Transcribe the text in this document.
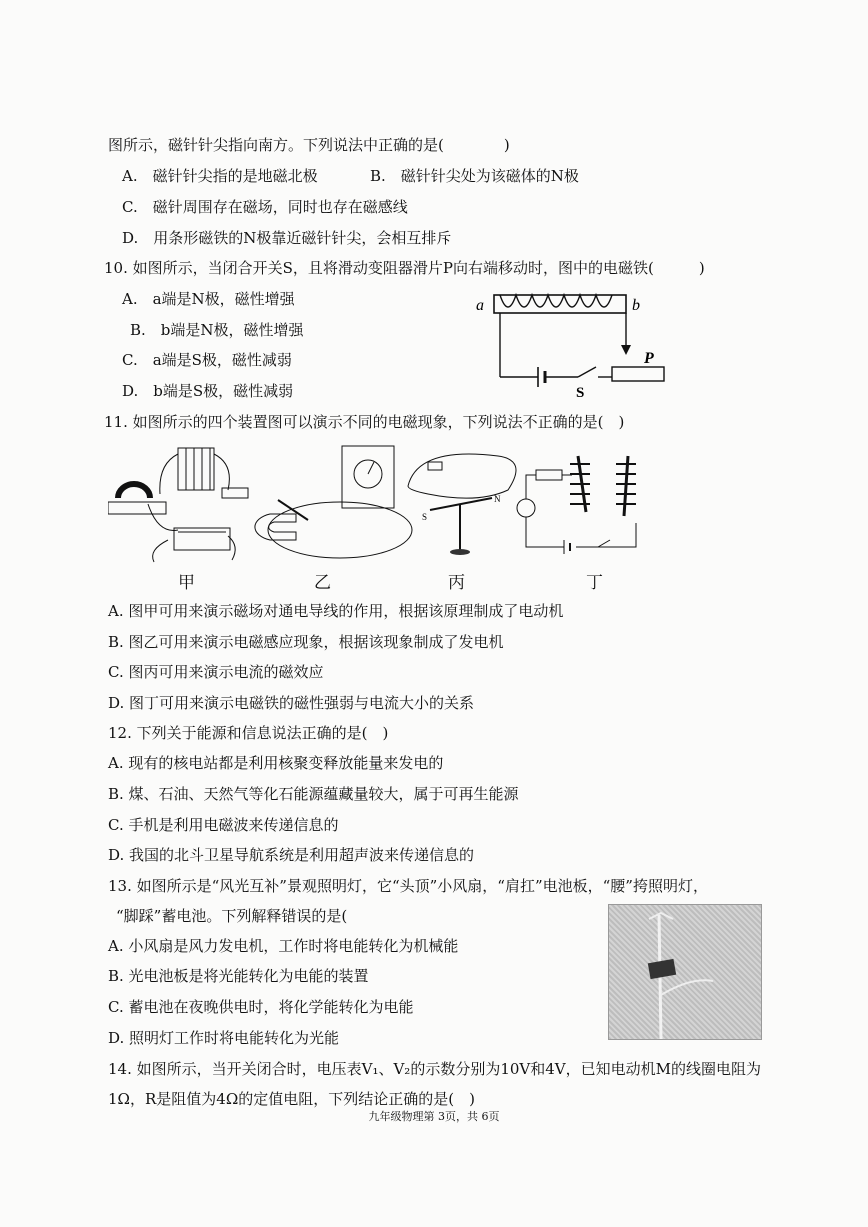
图所示，磁针针尖指向南方。下列说法中正确的是(　　　　)
A.　磁针针尖指的是地磁北极	B.　磁针针尖处为该磁体的N极
C.　磁针周围存在磁场，同时也存在磁感线
D.　用条形磁铁的N极靠近磁针针尖，会相互排斥
10. 如图所示，当闭合开关S，且将滑动变阻器滑片P向右端移动时，图中的电磁铁(　　　)
A.　a端是N极，磁性增强
B.　b端是N极，磁性增强
C.　a端是S极，磁性减弱
D.　b端是S极，磁性减弱
a	b
P
S
11. 如图所示的四个装置图可以演示不同的电磁现象，下列说法不正确的是(　)
S
N
甲	乙	丙	丁
A. 图甲可用来演示磁场对通电导线的作用，根据该原理制成了电动机
B. 图乙可用来演示电磁感应现象，根据该现象制成了发电机
C. 图丙可用来演示电流的磁效应
D. 图丁可用来演示电磁铁的磁性强弱与电流大小的关系
12. 下列关于能源和信息说法正确的是(　)
A. 现有的核电站都是利用核聚变释放能量来发电的
B. 煤、石油、天然气等化石能源蕴藏量较大，属于可再生能源
C. 手机是利用电磁波来传递信息的
D. 我国的北斗卫星导航系统是利用超声波来传递信息的
13. 如图所示是“风光互补”景观照明灯，它“头顶”小风扇，“肩扛”电池板，“腰”挎照明灯，
“脚踩”蓄电池。下列解释错误的是(
A. 小风扇是风力发电机，工作时将电能转化为机械能
B. 光电池板是将光能转化为电能的装置
C. 蓄电池在夜晚供电时，将化学能转化为电能
D. 照明灯工作时将电能转化为光能
14. 如图所示，当开关闭合时，电压表V₁、V₂的示数分别为10V和4V，已知电动机M的线圈电阻为
1Ω，R是阻值为4Ω的定值电阻，下列结论正确的是(　)
九年级物理第 3页，共 6页
